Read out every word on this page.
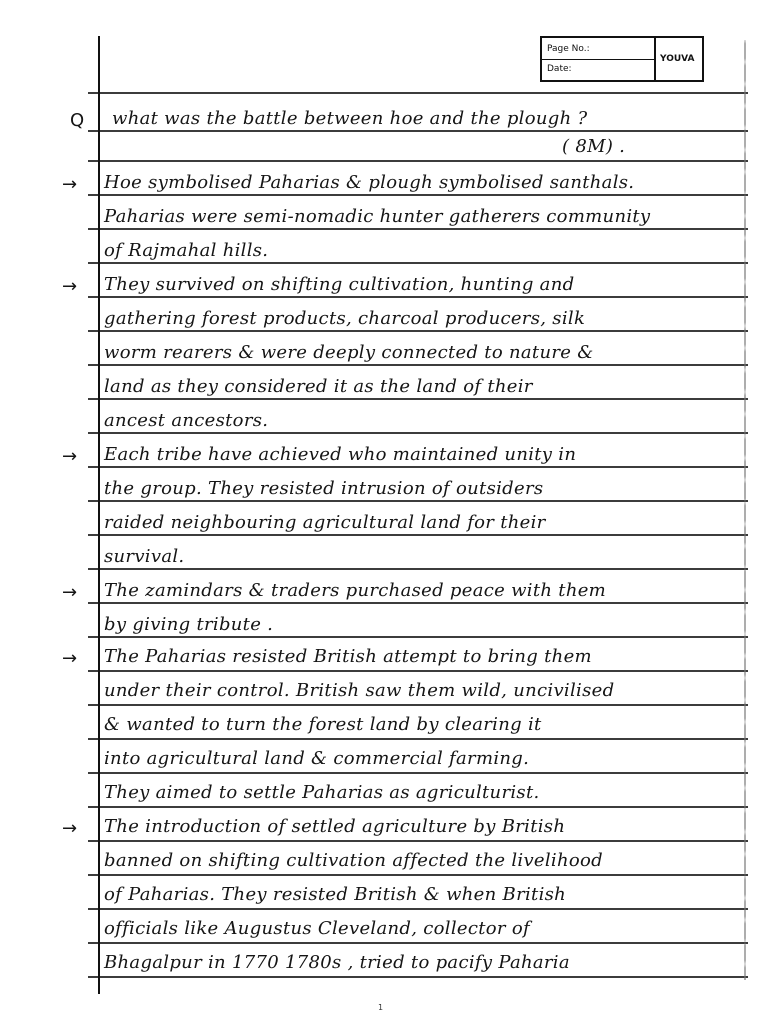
Page No.:
Date:
YOUVA
Q what was the battle between hoe and the plough ?
( 8M) .
→
→
→
→
→
→
Hoe symbolised Paharias & plough symbolised santhals.
Paharias were semi-nomadic hunter gatherers community
of Rajmahal hills.
They survived on shifting cultivation, hunting and
gathering forest products, charcoal producers, silk
worm rearers & were deeply connected to nature &
land as they considered it as the land of their
ancest ancestors.
Each tribe have achieved who maintained unity in
the group. They resisted intrusion of outsiders
raided neighbouring agricultural land for their
survival.
The zamindars & traders purchased peace with them
by giving tribute .
The Paharias resisted British attempt to bring them
under their control. British saw them wild, uncivilised
& wanted to turn the forest land by clearing it
into agricultural land & commercial farming.
They aimed to settle Paharias as agriculturist.
The introduction of settled agriculture by British
banned on shifting cultivation affected the livelihood
of Paharias. They resisted British & when British
officials like Augustus Cleveland, collector of
Bhagalpur in 1770 1780s , tried to pacify Paharia
1
